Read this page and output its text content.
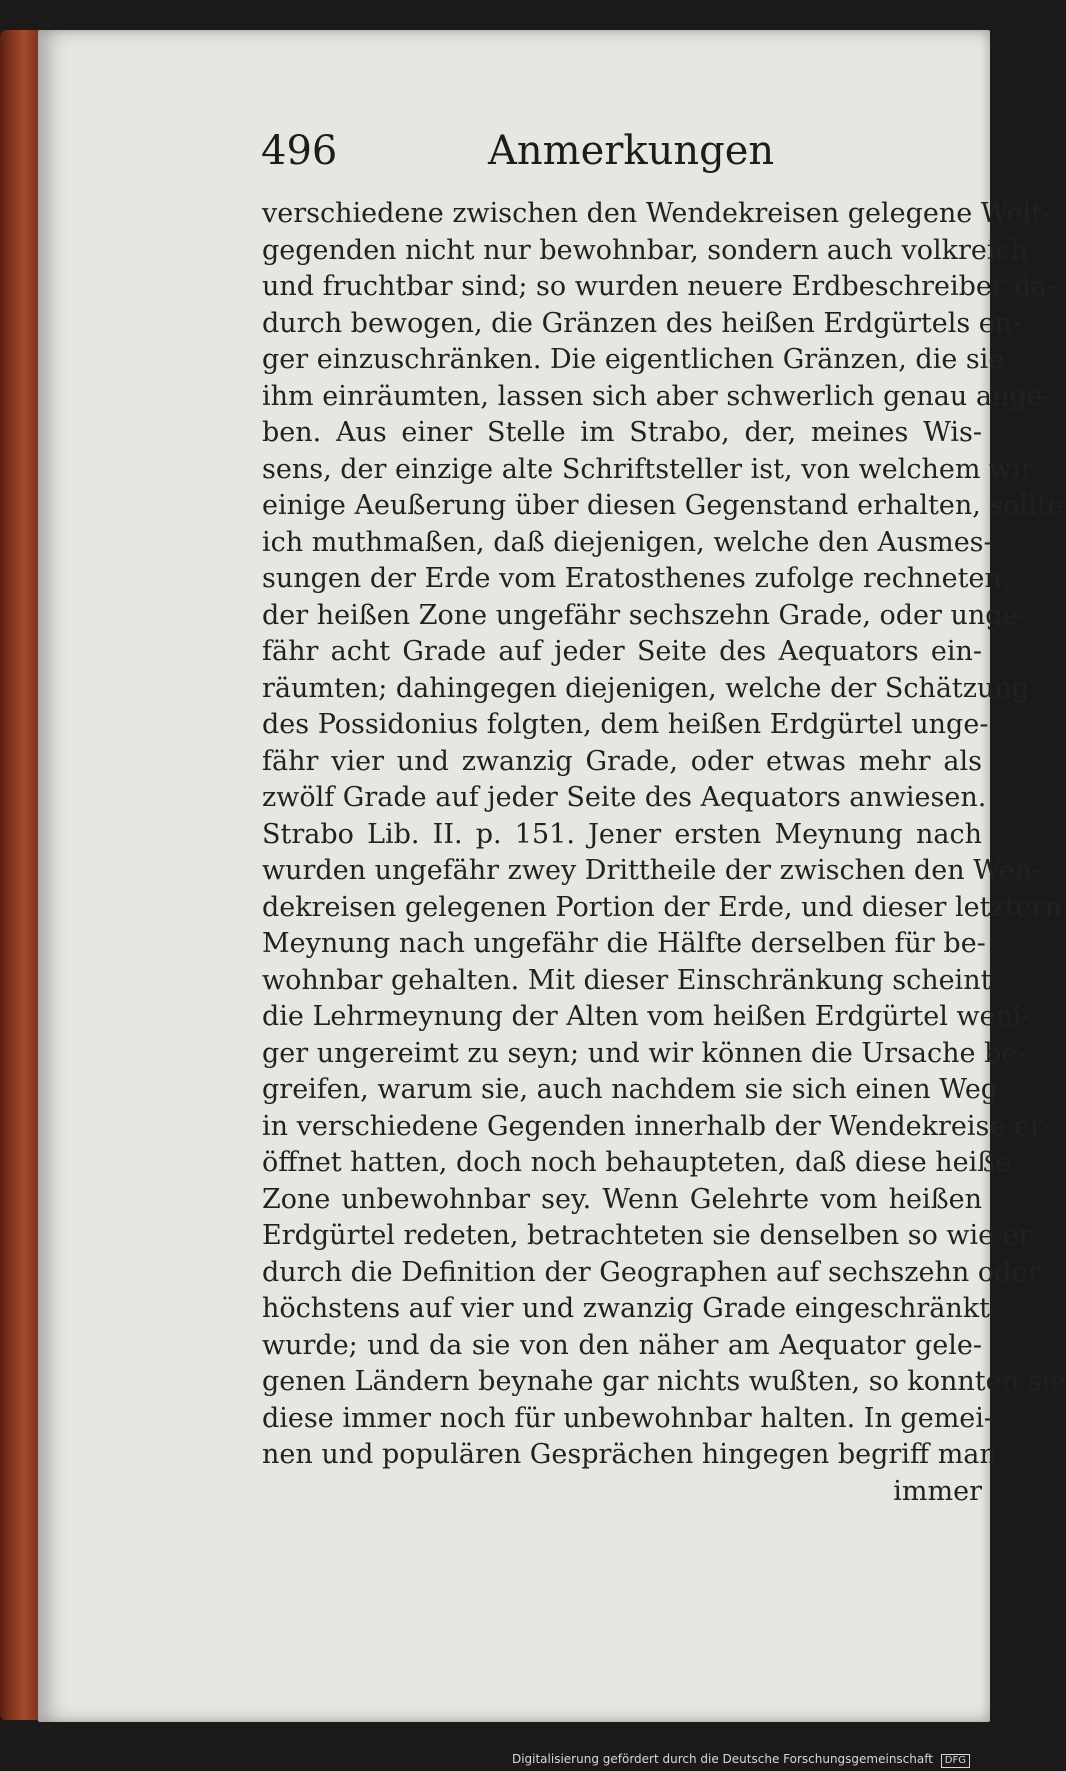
496	Anmerkungen
verschiedene zwischen den Wendekreisen gelegene Welt-
gegenden nicht nur bewohnbar, sondern auch volkreich
und fruchtbar sind; so wurden neuere Erdbeschreiber da-
durch bewogen, die Gränzen des heißen Erdgürtels en-
ger einzuschränken. Die eigentlichen Gränzen, die sie
ihm einräumten, lassen sich aber schwerlich genau ange-
ben. Aus einer Stelle im Strabo, der, meines Wis-
sens, der einzige alte Schriftsteller ist, von welchem wir
einige Aeußerung über diesen Gegenstand erhalten, sollte
ich muthmaßen, daß diejenigen, welche den Ausmes-
sungen der Erde vom Eratosthenes zufolge rechneten,
der heißen Zone ungefähr sechszehn Grade, oder unge-
fähr acht Grade auf jeder Seite des Aequators ein-
räumten; dahingegen diejenigen, welche der Schätzung
des Possidonius folgten, dem heißen Erdgürtel unge-
fähr vier und zwanzig Grade, oder etwas mehr als
zwölf Grade auf jeder Seite des Aequators anwiesen.
Strabo Lib. II. p. 151. Jener ersten Meynung nach
wurden ungefähr zwey Drittheile der zwischen den Wen-
dekreisen gelegenen Portion der Erde, und dieser letztern
Meynung nach ungefähr die Hälfte derselben für be-
wohnbar gehalten. Mit dieser Einschränkung scheint
die Lehrmeynung der Alten vom heißen Erdgürtel weni-
ger ungereimt zu seyn; und wir können die Ursache be-
greifen, warum sie, auch nachdem sie sich einen Weg
in verschiedene Gegenden innerhalb der Wendekreise er-
öffnet hatten, doch noch behaupteten, daß diese heiße
Zone unbewohnbar sey. Wenn Gelehrte vom heißen
Erdgürtel redeten, betrachteten sie denselben so wie er
durch die Definition der Geographen auf sechszehn oder
höchstens auf vier und zwanzig Grade eingeschränkt
wurde; und da sie von den näher am Aequator gele-
genen Ländern beynahe gar nichts wußten, so konnten sie
diese immer noch für unbewohnbar halten. In gemei-
nen und populären Gesprächen hingegen begriff man
immer
Digitalisierung gefördert durch die Deutsche Forschungsgemeinschaft DFG
